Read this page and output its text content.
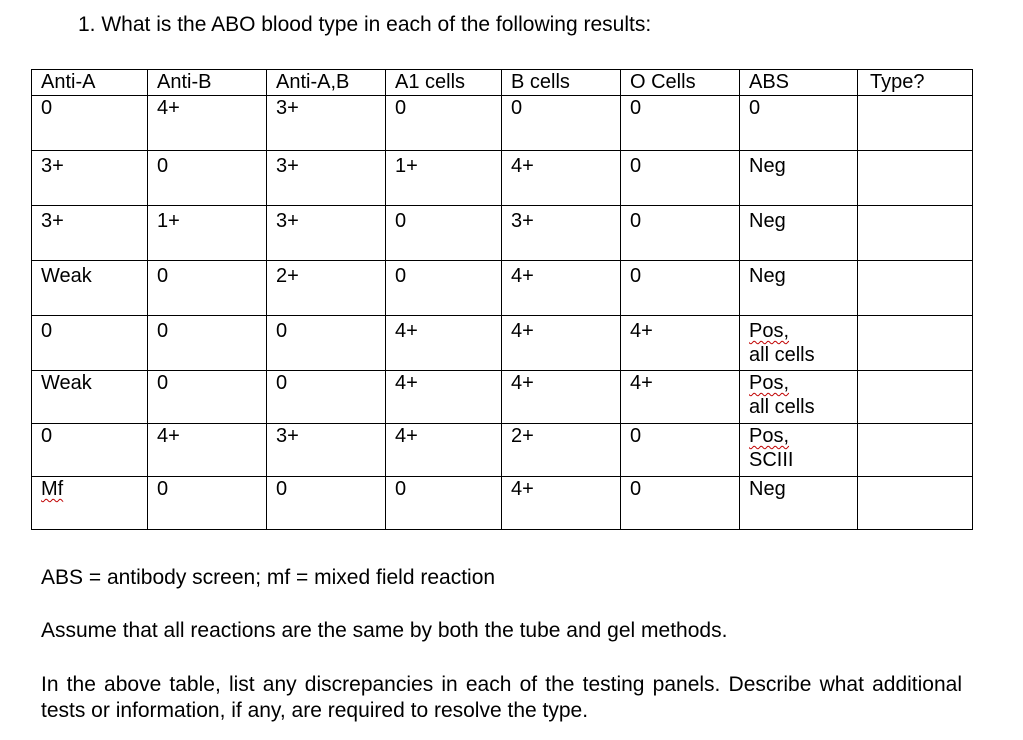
1. What is the ABO blood type in each of the following results:
Anti-A	Anti-B	Anti-A,B	A1 cells	B cells	O Cells	ABS	Type?
0	4+	3+	0	0	0	0	
3+	0	3+	1+	4+	0	Neg	
3+	1+	3+	0	3+	0	Neg	
Weak	0	2+	0	4+	0	Neg	
0	0	0	4+	4+	4+	Pos,
all cells	

Weak	0	0	4+	4+	4+	Pos,
all cells	

0	4+	3+	4+	2+	0	Pos,
SCIII	

Mf	0	0	0	4+	0	Neg	
ABS = antibody screen; mf = mixed field reaction
Assume that all reactions are the same by both the tube and gel methods.
In the above table, list any discrepancies in each of the testing panels. Describe what additional tests or information, if any, are required to resolve the type.
